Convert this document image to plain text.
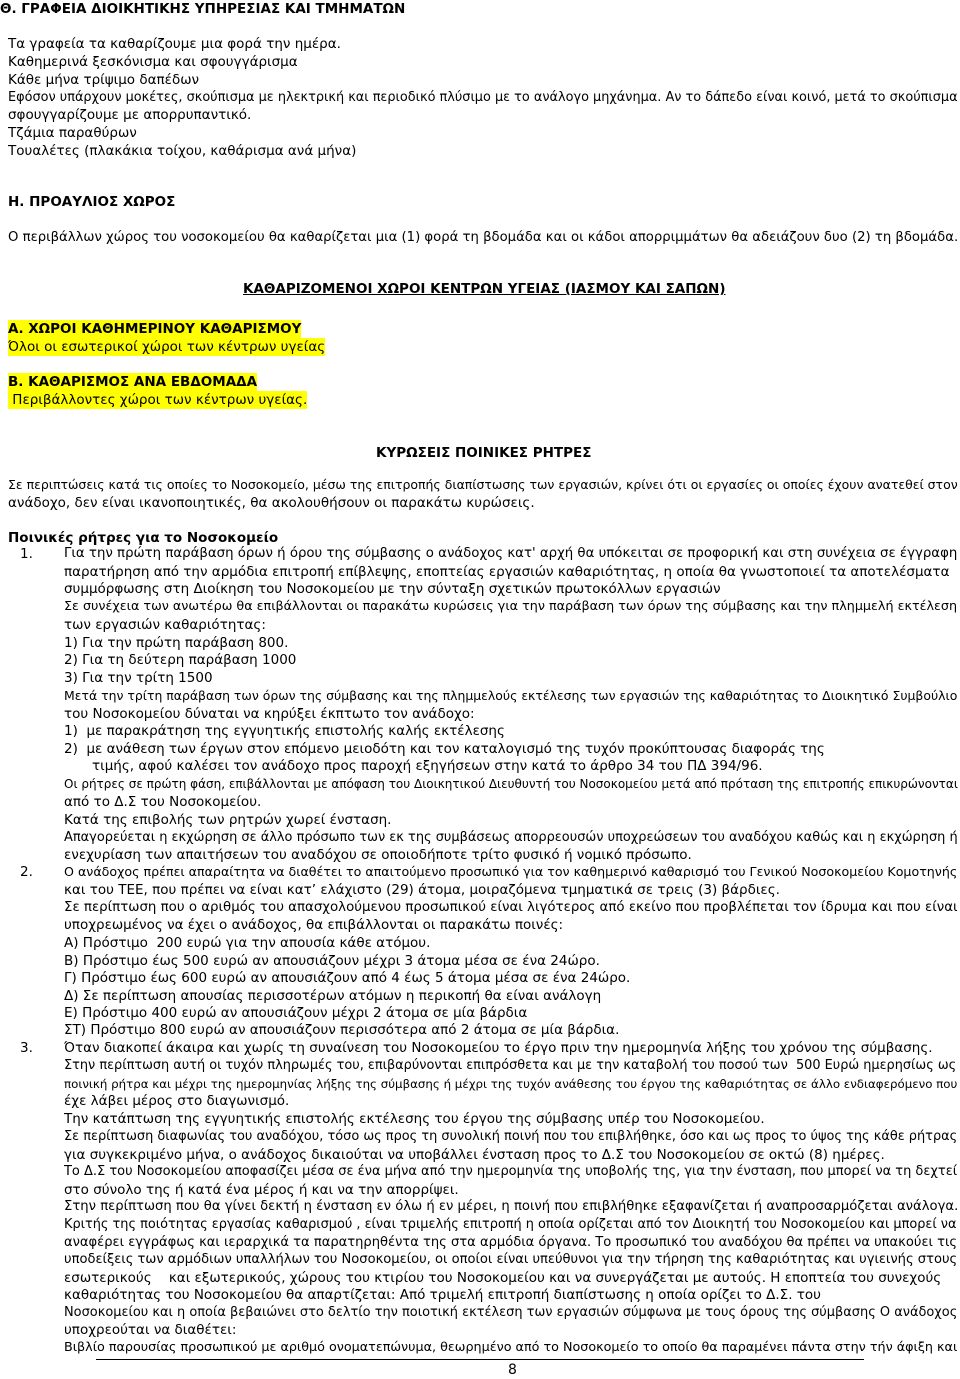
Θ. ΓΡΑΦΕΙΑ ΔΙΟΙΚΗΤΙΚΗΣ ΥΠΗΡΕΣΙΑΣ ΚΑΙ ΤΜΗΜΑΤΩΝ
Τα γραφεία τα καθαρίζουμε μια φορά την ημέρα.
Καθημερινά ξεσκόνισμα και σφουγγάρισμα
Κάθε μήνα τρίψιμο δαπέδων
Εφόσον υπάρχουν μοκέτες, σκούπισμα με ηλεκτρική και περιοδικό πλύσιμο με το ανάλογο μηχάνημα. Αν το δάπεδο είναι κοινό, μετά το σκούπισμα
σφουγγαρίζουμε με απορρυπαντικό.
Τζάμια παραθύρων
Τουαλέτες (πλακάκια τοίχου, καθάρισμα ανά μήνα)
Η. ΠΡΟΑΥΛΙΟΣ ΧΩΡΟΣ
Ο περιβάλλων χώρος του νοσοκομείου θα καθαρίζεται μια (1) φορά τη βδομάδα και οι κάδοι απορριμμάτων θα αδειάζουν δυο (2) τη βδομάδα.
ΚΑΘΑΡΙΖΟΜΕΝΟΙ ΧΩΡΟΙ ΚΕΝΤΡΩΝ ΥΓΕΙΑΣ (ΙΑΣΜΟΥ ΚΑΙ ΣΑΠΩΝ)
Α. ΧΩΡΟΙ ΚΑΘΗΜΕΡΙΝΟΥ ΚΑΘΑΡΙΣΜΟΥ
Όλοι οι εσωτερικοί χώροι των κέντρων υγείας
Β. ΚΑΘΑΡΙΣΜΟΣ ΑΝΑ ΕΒΔΟΜΑΔΑ
Περιβάλλοντες χώροι των κέντρων υγείας.
ΚΥΡΩΣΕΙΣ ΠΟΙΝΙΚΕΣ ΡΗΤΡΕΣ
Σε περιπτώσεις κατά τις οποίες το Νοσοκομείο, μέσω της επιτροπής διαπίστωσης των εργασιών, κρίνει ότι οι εργασίες οι οποίες έχουν ανατεθεί στον
ανάδοχο, δεν είναι ικανοποιητικές, θα ακολουθήσουν οι παρακάτω κυρώσεις.
Ποινικές ρήτρες για το Νοσοκομείο
1.
2.
3.
Για την πρώτη παράβαση όρων ή όρου της σύμβασης ο ανάδοχος κατ' αρχή θα υπόκειται σε προφορική και στη συνέχεια σε έγγραφη
παρατήρηση από την αρμόδια επιτροπή επίβλεψης, εποπτείας εργασιών καθαριότητας, η οποία θα γνωστοποιεί τα αποτελέσματα
συμμόρφωσης στη Διοίκηση του Νοσοκομείου με την σύνταξη σχετικών πρωτοκόλλων εργασιών
Σε συνέχεια των ανωτέρω θα επιβάλλονται οι παρακάτω κυρώσεις για την παράβαση των όρων της σύμβασης και την πλημμελή εκτέλεση
των εργασιών καθαριότητας:
1) Για την πρώτη παράβαση 800.
2) Για τη δεύτερη παράβαση 1000
3) Για την τρίτη 1500
Μετά την τρίτη παράβαση των όρων της σύμβασης και της πλημμελούς εκτέλεσης των εργασιών της καθαριότητας το Διοικητικό Συμβούλιο
του Νοσοκομείου δύναται να κηρύξει έκπτωτο τον ανάδοχο:
1)  με παρακράτηση της εγγυητικής επιστολής καλής εκτέλεσης
2)  με ανάθεση των έργων στον επόμενο μειοδότη και τον καταλογισμό της τυχόν προκύπτουσας διαφοράς της
τιμής, αφού καλέσει τον ανάδοχο προς παροχή εξηγήσεων στην κατά το άρθρο 34 του ΠΔ 394/96.
Οι ρήτρες σε πρώτη φάση, επιβάλλονται με απόφαση του Διοικητικού Διευθυντή του Νοσοκομείου μετά από πρόταση της επιτροπής επικυρώνονται
από το Δ.Σ του Νοσοκομείου.
Κατά της επιβολής των ρητρών χωρεί ένσταση.
Απαγορεύεται η εκχώρηση σε άλλο πρόσωπο των εκ της συμβάσεως απορρεουσών υποχρεώσεων του αναδόχου καθώς και η εκχώρηση ή
ενεχυρίαση των απαιτήσεων του αναδόχου σε οποιοδήποτε τρίτο φυσικό ή νομικό πρόσωπο.
Ο ανάδοχος πρέπει απαραίτητα να διαθέτει το απαιτούμενο προσωπικό για τον καθημερινό καθαρισμό του Γενικού Νοσοκομείου Κομοτηνής
και του ΤΕΕ, που πρέπει να είναι κατ’ ελάχιστο (29) άτομα, μοιραζόμενα τμηματικά σε τρεις (3) βάρδιες.
Σε περίπτωση που ο αριθμός του απασχολούμενου προσωπικού είναι λιγότερος από εκείνο που προβλέπεται τον ίδρυμα και που είναι
υποχρεωμένος να έχει ο ανάδοχος, θα επιβάλλονται οι παρακάτω ποινές:
Α) Πρόστιμο  200 ευρώ για την απουσία κάθε ατόμου.
Β) Πρόστιμο έως 500 ευρώ αν απουσιάζουν μέχρι 3 άτομα μέσα σε ένα 24ώρο.
Γ) Πρόστιμο έως 600 ευρώ αν απουσιάζουν από 4 έως 5 άτομα μέσα σε ένα 24ώρο.
Δ) Σε περίπτωση απουσίας περισσοτέρων ατόμων η περικοπή θα είναι ανάλογη
Ε) Πρόστιμο 400 ευρώ αν απουσιάζουν μέχρι 2 άτομα σε μία βάρδια
ΣΤ) Πρόστιμο 800 ευρώ αν απουσιάζουν περισσότερα από 2 άτομα σε μία βάρδια.
Όταν διακοπεί άκαιρα και χωρίς τη συναίνεση του Νοσοκομείου το έργο πριν την ημερομηνία λήξης του χρόνου της σύμβασης.
Στην περίπτωση αυτή οι τυχόν πληρωμές του, επιβαρύνονται επιπρόσθετα και με την καταβολή του ποσού των  500 Ευρώ ημερησίως ως
ποινική ρήτρα και μέχρι της ημερομηνίας λήξης της σύμβασης ή μέχρι της τυχόν ανάθεσης του έργου της καθαριότητας σε άλλο ενδιαφερόμενο που
έχε λάβει μέρος στο διαγωνισμό.
Την κατάπτωση της εγγυητικής επιστολής εκτέλεσης του έργου της σύμβασης υπέρ του Νοσοκομείου.
Σε περίπτωση διαφωνίας του αναδόχου, τόσο ως προς τη συνολική ποινή που του επιβλήθηκε, όσο και ως προς το ύψος της κάθε ρήτρας
για συγκεκριμένο μήνα, ο ανάδοχος δικαιούται να υποβάλλει ένσταση προς το Δ.Σ του Νοσοκομείου σε οκτώ (8) ημέρες.
Το Δ.Σ του Νοσοκομείου αποφασίζει μέσα σε ένα μήνα από την ημερομηνία της υποβολής της, για την ένσταση, που μπορεί να τη δεχτεί
στο σύνολο της ή κατά ένα μέρος ή και να την απορρίψει.
Στην περίπτωση που θα γίνει δεκτή η ένσταση εν όλω ή εν μέρει, η ποινή που επιβλήθηκε εξαφανίζεται ή αναπροσαρμόζεται ανάλογα.
Κριτής της ποιότητας εργασίας καθαρισμού , είναι τριμελής επιτροπή η οποία ορίζεται από τον Διοικητή του Νοσοκομείου και μπορεί να
αναφέρει εγγράφως και ιεραρχικά τα παρατηρηθέντα της στα αρμόδια όργανα. Το προσωπικό του αναδόχου θα πρέπει να υπακούει τις
υποδείξεις των αρμόδιων υπαλλήλων του Νοσοκομείου, οι οποίοι είναι υπεύθυνοι για την τήρηση της καθαριότητας και υγιεινής στους
εσωτερικούς    και εξωτερικούς, χώρους του κτιρίου του Νοσοκομείου και να συνεργάζεται με αυτούς. Η εποπτεία του συνεχούς
καθαριότητας του Νοσοκομείου θα απαρτίζεται: Από τριμελή επιτροπή διαπίστωσης η οποία ορίζει το Δ.Σ. του
Νοσοκομείου και η οποία βεβαιώνει στο δελτίο την ποιοτική εκτέλεση των εργασιών σύμφωνα με τους όρους της σύμβασης Ο ανάδοχος
υποχρεούται να διαθέτει:
Βιβλίο παρουσίας προσωπικού με αριθμό ονοματεπώνυμα, θεωρημένο από το Νοσοκομείο το οποίο θα παραμένει πάντα στην τήν άφιξη και
8
